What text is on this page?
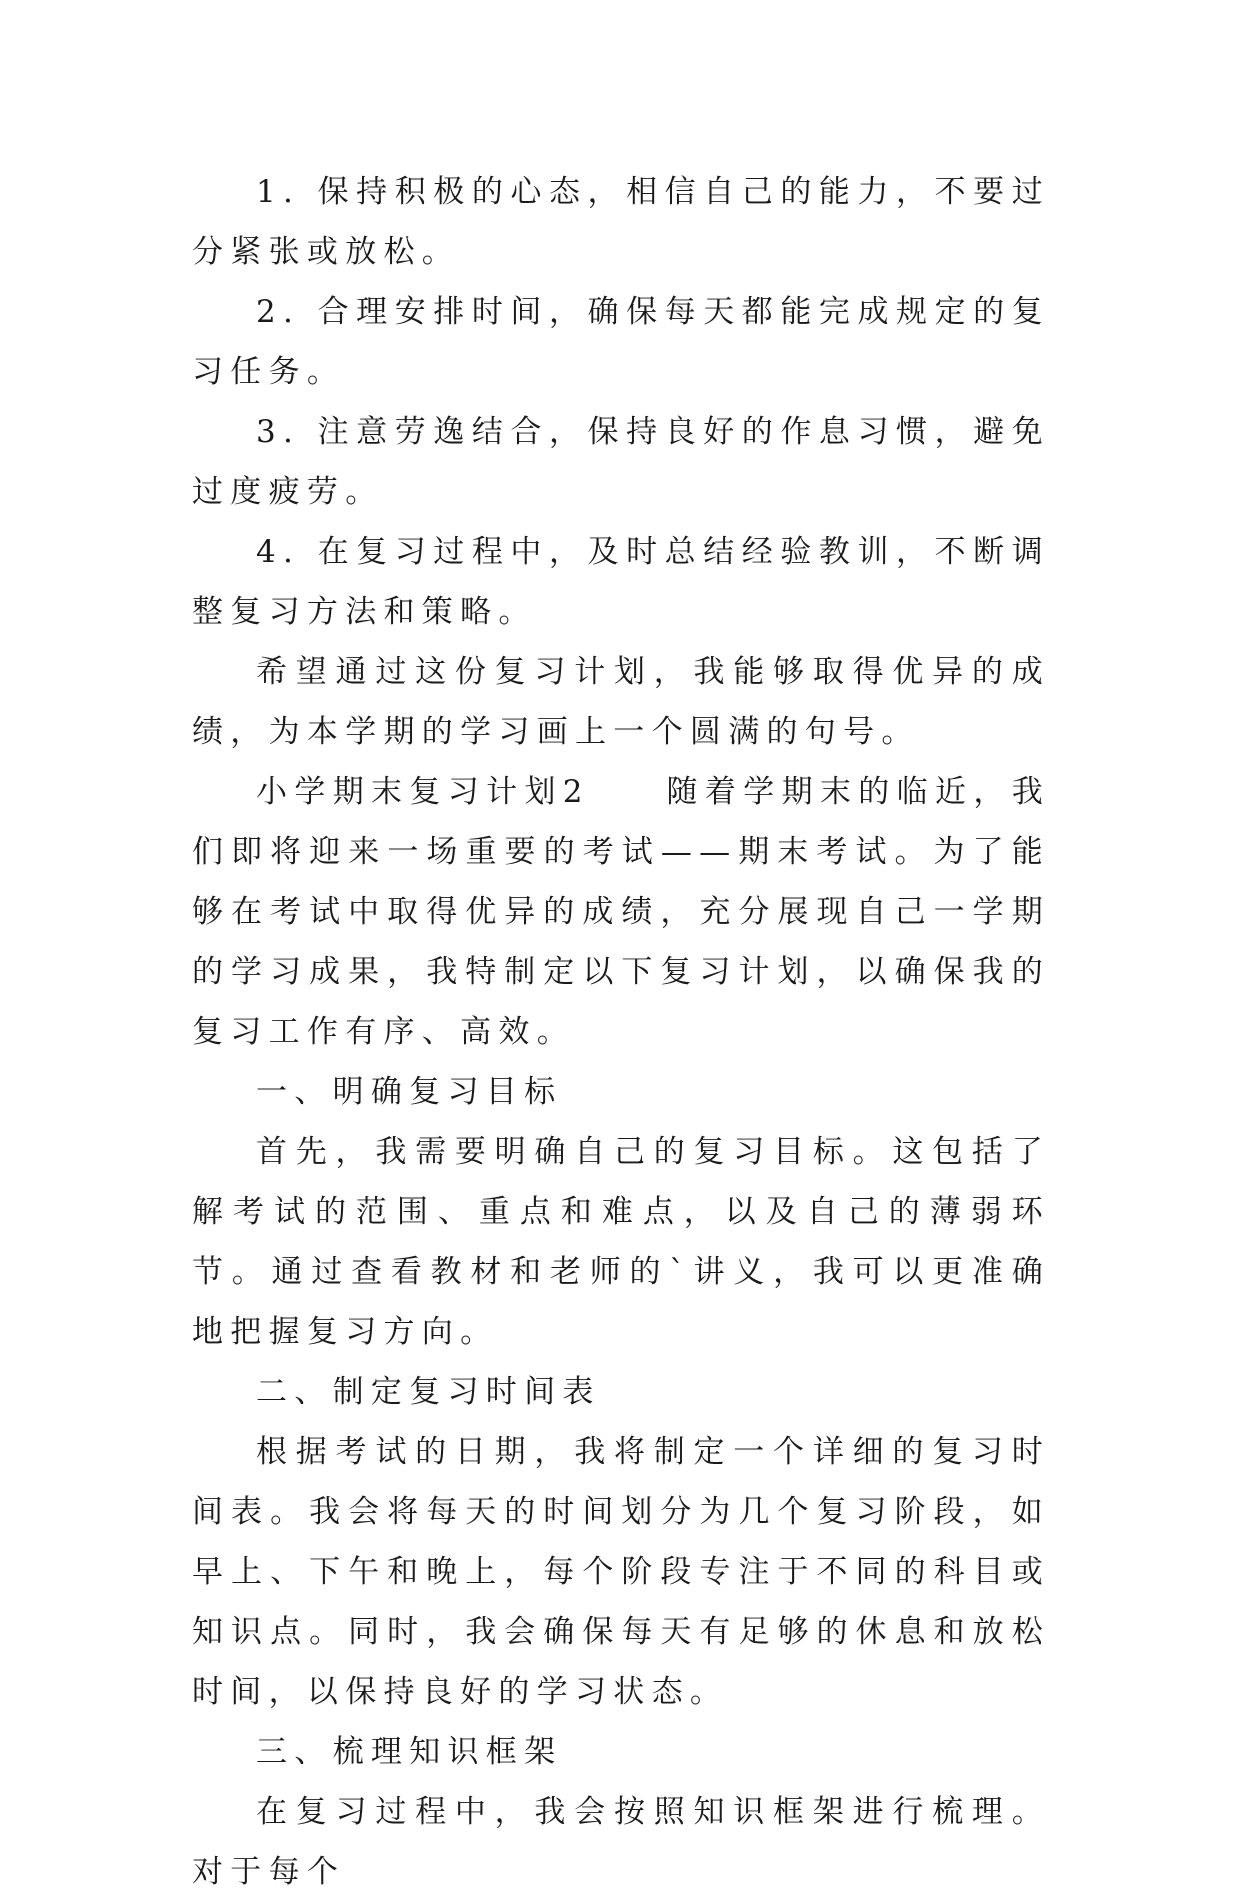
1. 保持积极的心态，相信自己的能力，不要过分紧张或放松。

2. 合理安排时间，确保每天都能完成规定的复习任务。

3. 注意劳逸结合，保持良好的作息习惯，避免过度疲劳。

4. 在复习过程中，及时总结经验教训，不断调整复习方法和策略。

希望通过这份复习计划，我能够取得优异的成绩，为本学期的学习画上一个圆满的句号。

小学期末复习计划2　　随着学期末的临近，我们即将迎来一场重要的考试——期末考试。为了能够在考试中取得优异的成绩，充分展现自己一学期的学习成果，我特制定以下复习计划，以确保我的复习工作有序、高效。

一、明确复习目标

首先，我需要明确自己的复习目标。这包括了解考试的范围、重点和难点，以及自己的薄弱环节。通过查看教材和老师的`讲义，我可以更准确地把握复习方向。

二、制定复习时间表

根据考试的日期，我将制定一个详细的复习时间表。我会将每天的时间划分为几个复习阶段，如早上、下午和晚上，每个阶段专注于不同的科目或知识点。同时，我会确保每天有足够的休息和放松时间，以保持良好的学习状态。

三、梳理知识框架

在复习过程中，我会按照知识框架进行梳理。对于每个
